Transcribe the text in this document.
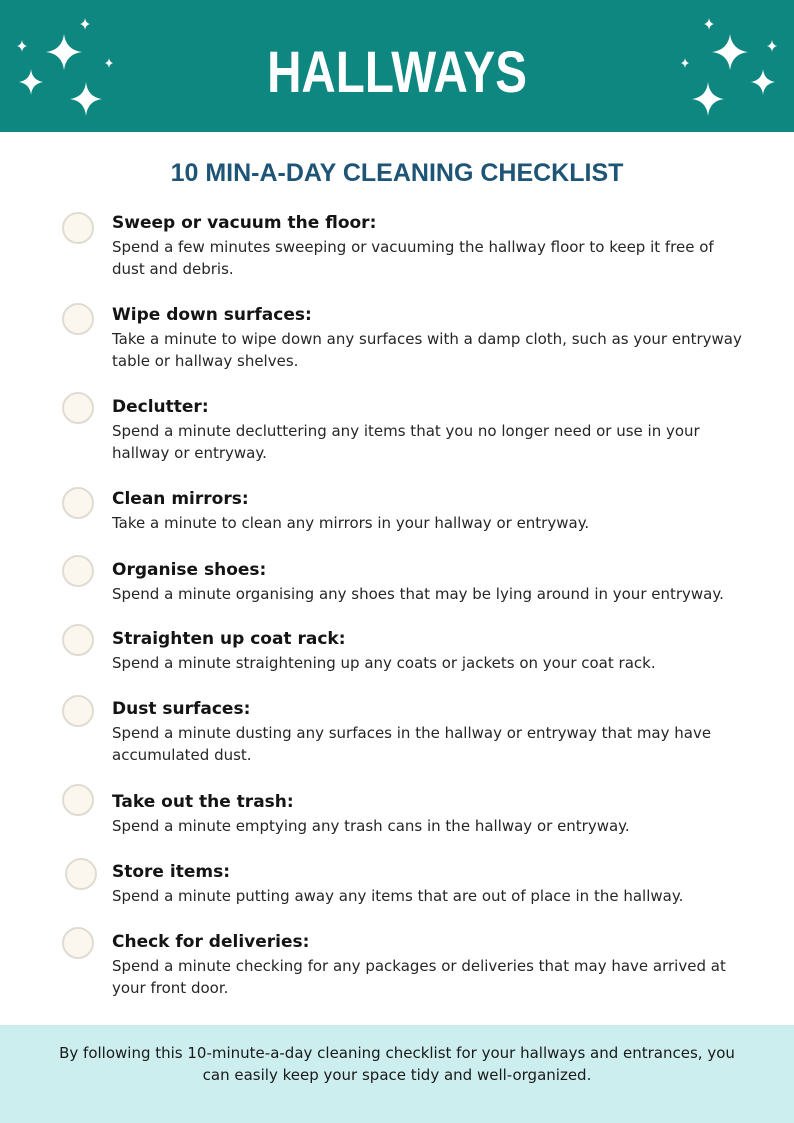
HALLWAYS
10 MIN-A-DAY CLEANING CHECKLIST
Sweep or vacuum the floor:
Spend a few minutes sweeping or vacuuming the hallway floor to keep it free of dust and debris.
Wipe down surfaces:
Take a minute to wipe down any surfaces with a damp cloth, such as your entryway table or hallway shelves.
Declutter:
Spend a minute decluttering any items that you no longer need or use in your hallway or entryway.
Clean mirrors:
Take a minute to clean any mirrors in your hallway or entryway.
Organise shoes:
Spend a minute organising any shoes that may be lying around in your entryway.
Straighten up coat rack:
Spend a minute straightening up any coats or jackets on your coat rack.
Dust surfaces:
Spend a minute dusting any surfaces in the hallway or entryway that may have accumulated dust.
Take out the trash:
Spend a minute emptying any trash cans in the hallway or entryway.
Store items:
Spend a minute putting away any items that are out of place in the hallway.
Check for deliveries:
Spend a minute checking for any packages or deliveries that may have arrived at your front door.
By following this 10-minute-a-day cleaning checklist for your hallways and entrances, you can easily keep your space tidy and well-organized.
